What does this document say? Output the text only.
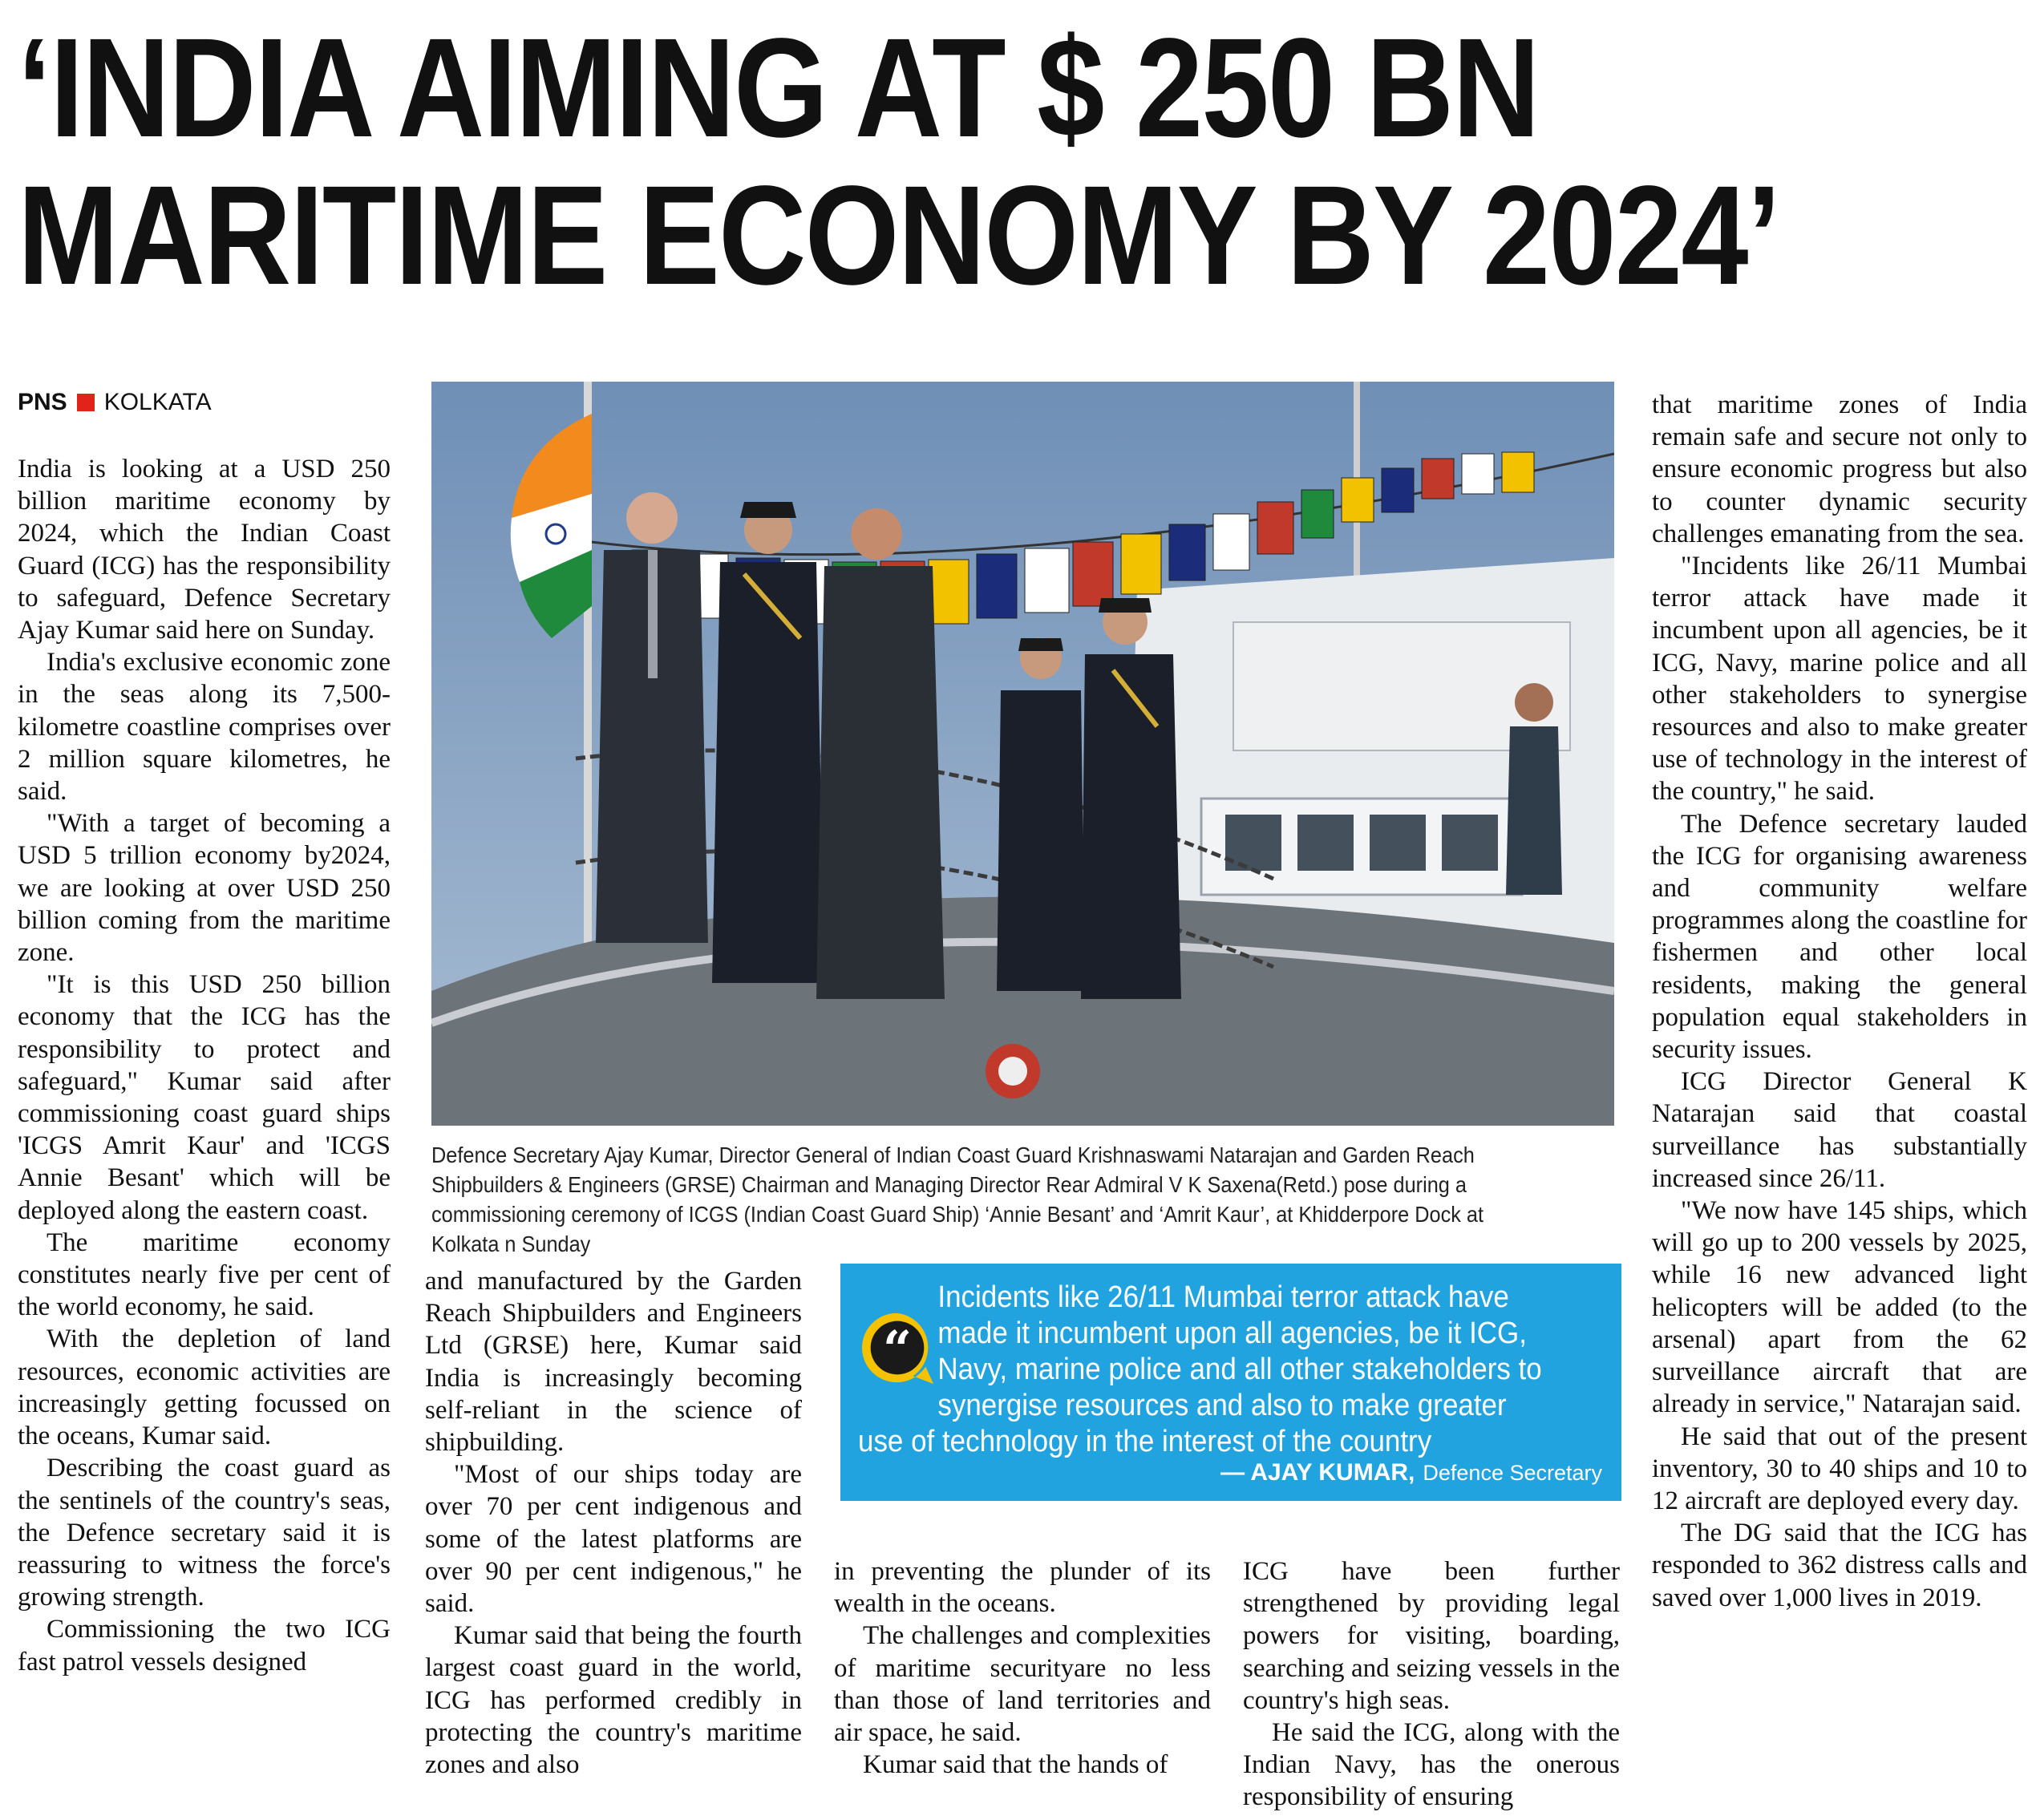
‘INDIA AIMING AT $ 250 BN
MARITIME ECONOMY BY 2024’
PNS KOLKATA

India is looking at a USD 250 billion maritime economy by 2024, which the Indian Coast Guard (ICG) has the responsibility to safeguard, Defence Secretary Ajay Kumar said here on Sunday.

India's exclusive economic zone in the seas along its 7,500-kilometre coastline comprises over 2 million square kilometres, he said.

"With a target of becoming a USD 5 trillion economy by2024, we are looking at over USD 250 billion coming from the maritime zone.

"It is this USD 250 billion economy that the ICG has the responsibility to protect and safeguard," Kumar said after commissioning coast guard ships 'ICGS Amrit Kaur' and 'ICGS Annie Besant' which will be deployed along the eastern coast.

The maritime economy constitutes nearly five per cent of the world economy, he said.

With the depletion of land resources, economic activities are increasingly getting focussed on the oceans, Kumar said.

Describing the coast guard as the sentinels of the country's seas, the Defence secretary said it is reassuring to witness the force's growing strength.

Commissioning the two ICG fast patrol vessels designed

Defence Secretary Ajay Kumar, Director General of Indian Coast Guard Krishnaswami Natarajan and Garden Reach Shipbuilders & Engineers (GRSE) Chairman and Managing Director Rear Admiral V K Saxena(Retd.) pose during a commissioning ceremony of ICGS (Indian Coast Guard Ship) ‘Annie Besant’ and ‘Amrit Kaur’, at Khidderpore Dock at Kolkata n Sunday

and manufactured by the Garden Reach Shipbuilders and Engineers Ltd (GRSE) here, Kumar said India is increasingly becoming self-reliant in the science of shipbuilding.

"Most of our ships today are over 70 per cent indigenous and some of the latest platforms are over 90 per cent indigenous," he said.

Kumar said that being the fourth largest coast guard in the world, ICG has performed credibly in protecting the country's maritime zones and also

“
Incidents like 26/11 Mumbai terror attack have made it incumbent upon all agencies, be it ICG, Navy, marine police and all other stakeholders to synergise resources and also to make greater use of technology in the interest of the country
— AJAY KUMAR, Defence Secretary

in preventing the plunder of its wealth in the oceans.

The challenges and complexities of maritime securityare no less than those of land territories and air space, he said.

Kumar said that the hands of

ICG have been further strengthened by providing legal powers for visiting, boarding, searching and seizing vessels in the country's high seas.

He said the ICG, along with the Indian Navy, has the onerous responsibility of ensuring

that maritime zones of India remain safe and secure not only to ensure economic progress but also to counter dynamic security challenges emanating from the sea.

"Incidents like 26/11 Mumbai terror attack have made it incumbent upon all agencies, be it ICG, Navy, marine police and all other stakeholders to synergise resources and also to make greater use of technology in the interest of the country," he said.

The Defence secretary lauded the ICG for organising awareness and community welfare programmes along the coastline for fishermen and other local residents, making the general population equal stakeholders in security issues.

ICG Director General K Natarajan said that coastal surveillance has substantially increased since 26/11.

"We now have 145 ships, which will go up to 200 vessels by 2025, while 16 new advanced light helicopters will be added (to the arsenal) apart from the 62 surveillance aircraft that are already in service," Natarajan said.

He said that out of the present inventory, 30 to 40 ships and 10 to 12 aircraft are deployed every day.

The DG said that the ICG has responded to 362 distress calls and saved over 1,000 lives in 2019.
